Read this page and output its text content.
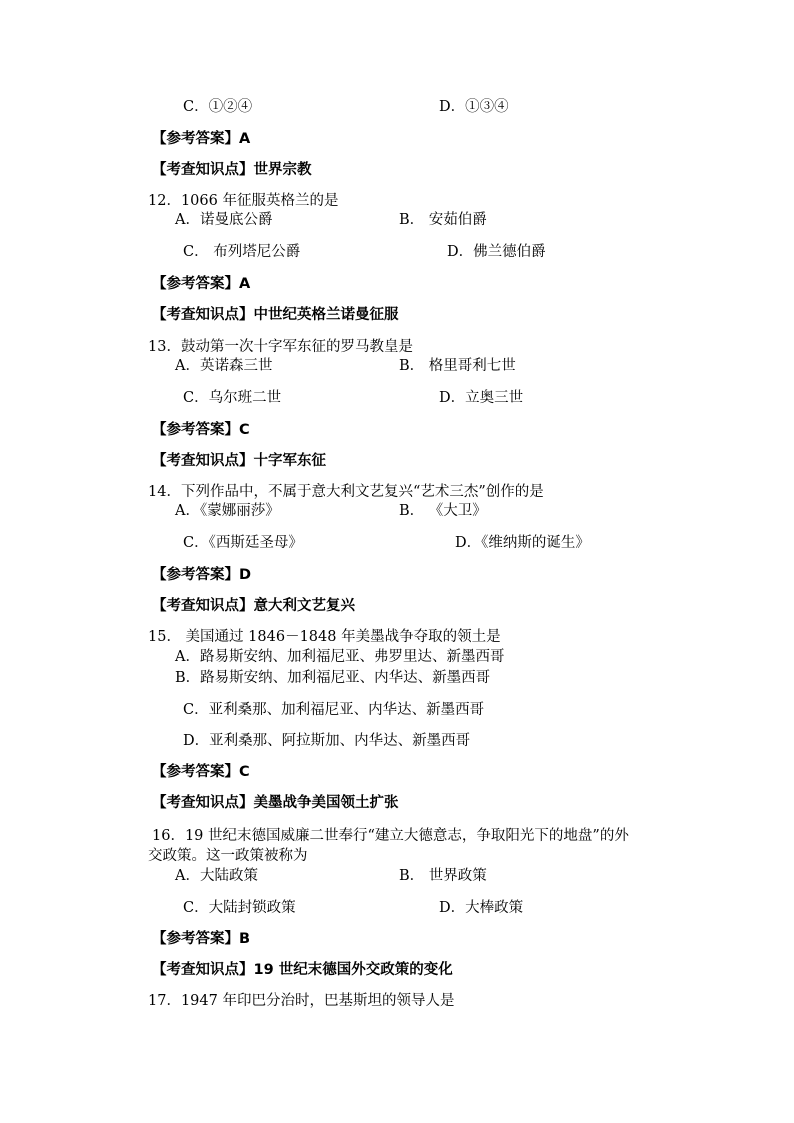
C．①②④	D．①③④
【参考答案】A
【考查知识点】世界宗教
12．1066 年征服英格兰的是
A．诺曼底公爵	B． 安茹伯爵
C． 布列塔尼公爵	D．佛兰德伯爵
【参考答案】A
【考查知识点】中世纪英格兰诺曼征服
13．鼓动第一次十字军东征的罗马教皇是
A．英诺森三世	B． 格里哥利七世
C．乌尔班二世	D．立奥三世
【参考答案】C
【考查知识点】十字军东征
14．下列作品中，不属于意大利文艺复兴“艺术三杰”创作的是
A．《蒙娜丽莎》	B． 《大卫》
C．《西斯廷圣母》	D．《维纳斯的诞生》
【参考答案】D
【考查知识点】意大利文艺复兴
15． 美国通过 1846－1848 年美墨战争夺取的领土是
A．路易斯安纳、加利福尼亚、弗罗里达、新墨西哥
B．路易斯安纳、加利福尼亚、内华达、新墨西哥
C．亚利桑那、加利福尼亚、内华达、新墨西哥
D．亚利桑那、阿拉斯加、内华达、新墨西哥
【参考答案】C
【考查知识点】美墨战争美国领土扩张
16．19 世纪末德国威廉二世奉行“建立大德意志，争取阳光下的地盘”的外
交政策。这一政策被称为
A．大陆政策	B． 世界政策
C．大陆封锁政策	D．大棒政策
【参考答案】B
【考查知识点】19 世纪末德国外交政策的变化
17．1947 年印巴分治时，巴基斯坦的领导人是
